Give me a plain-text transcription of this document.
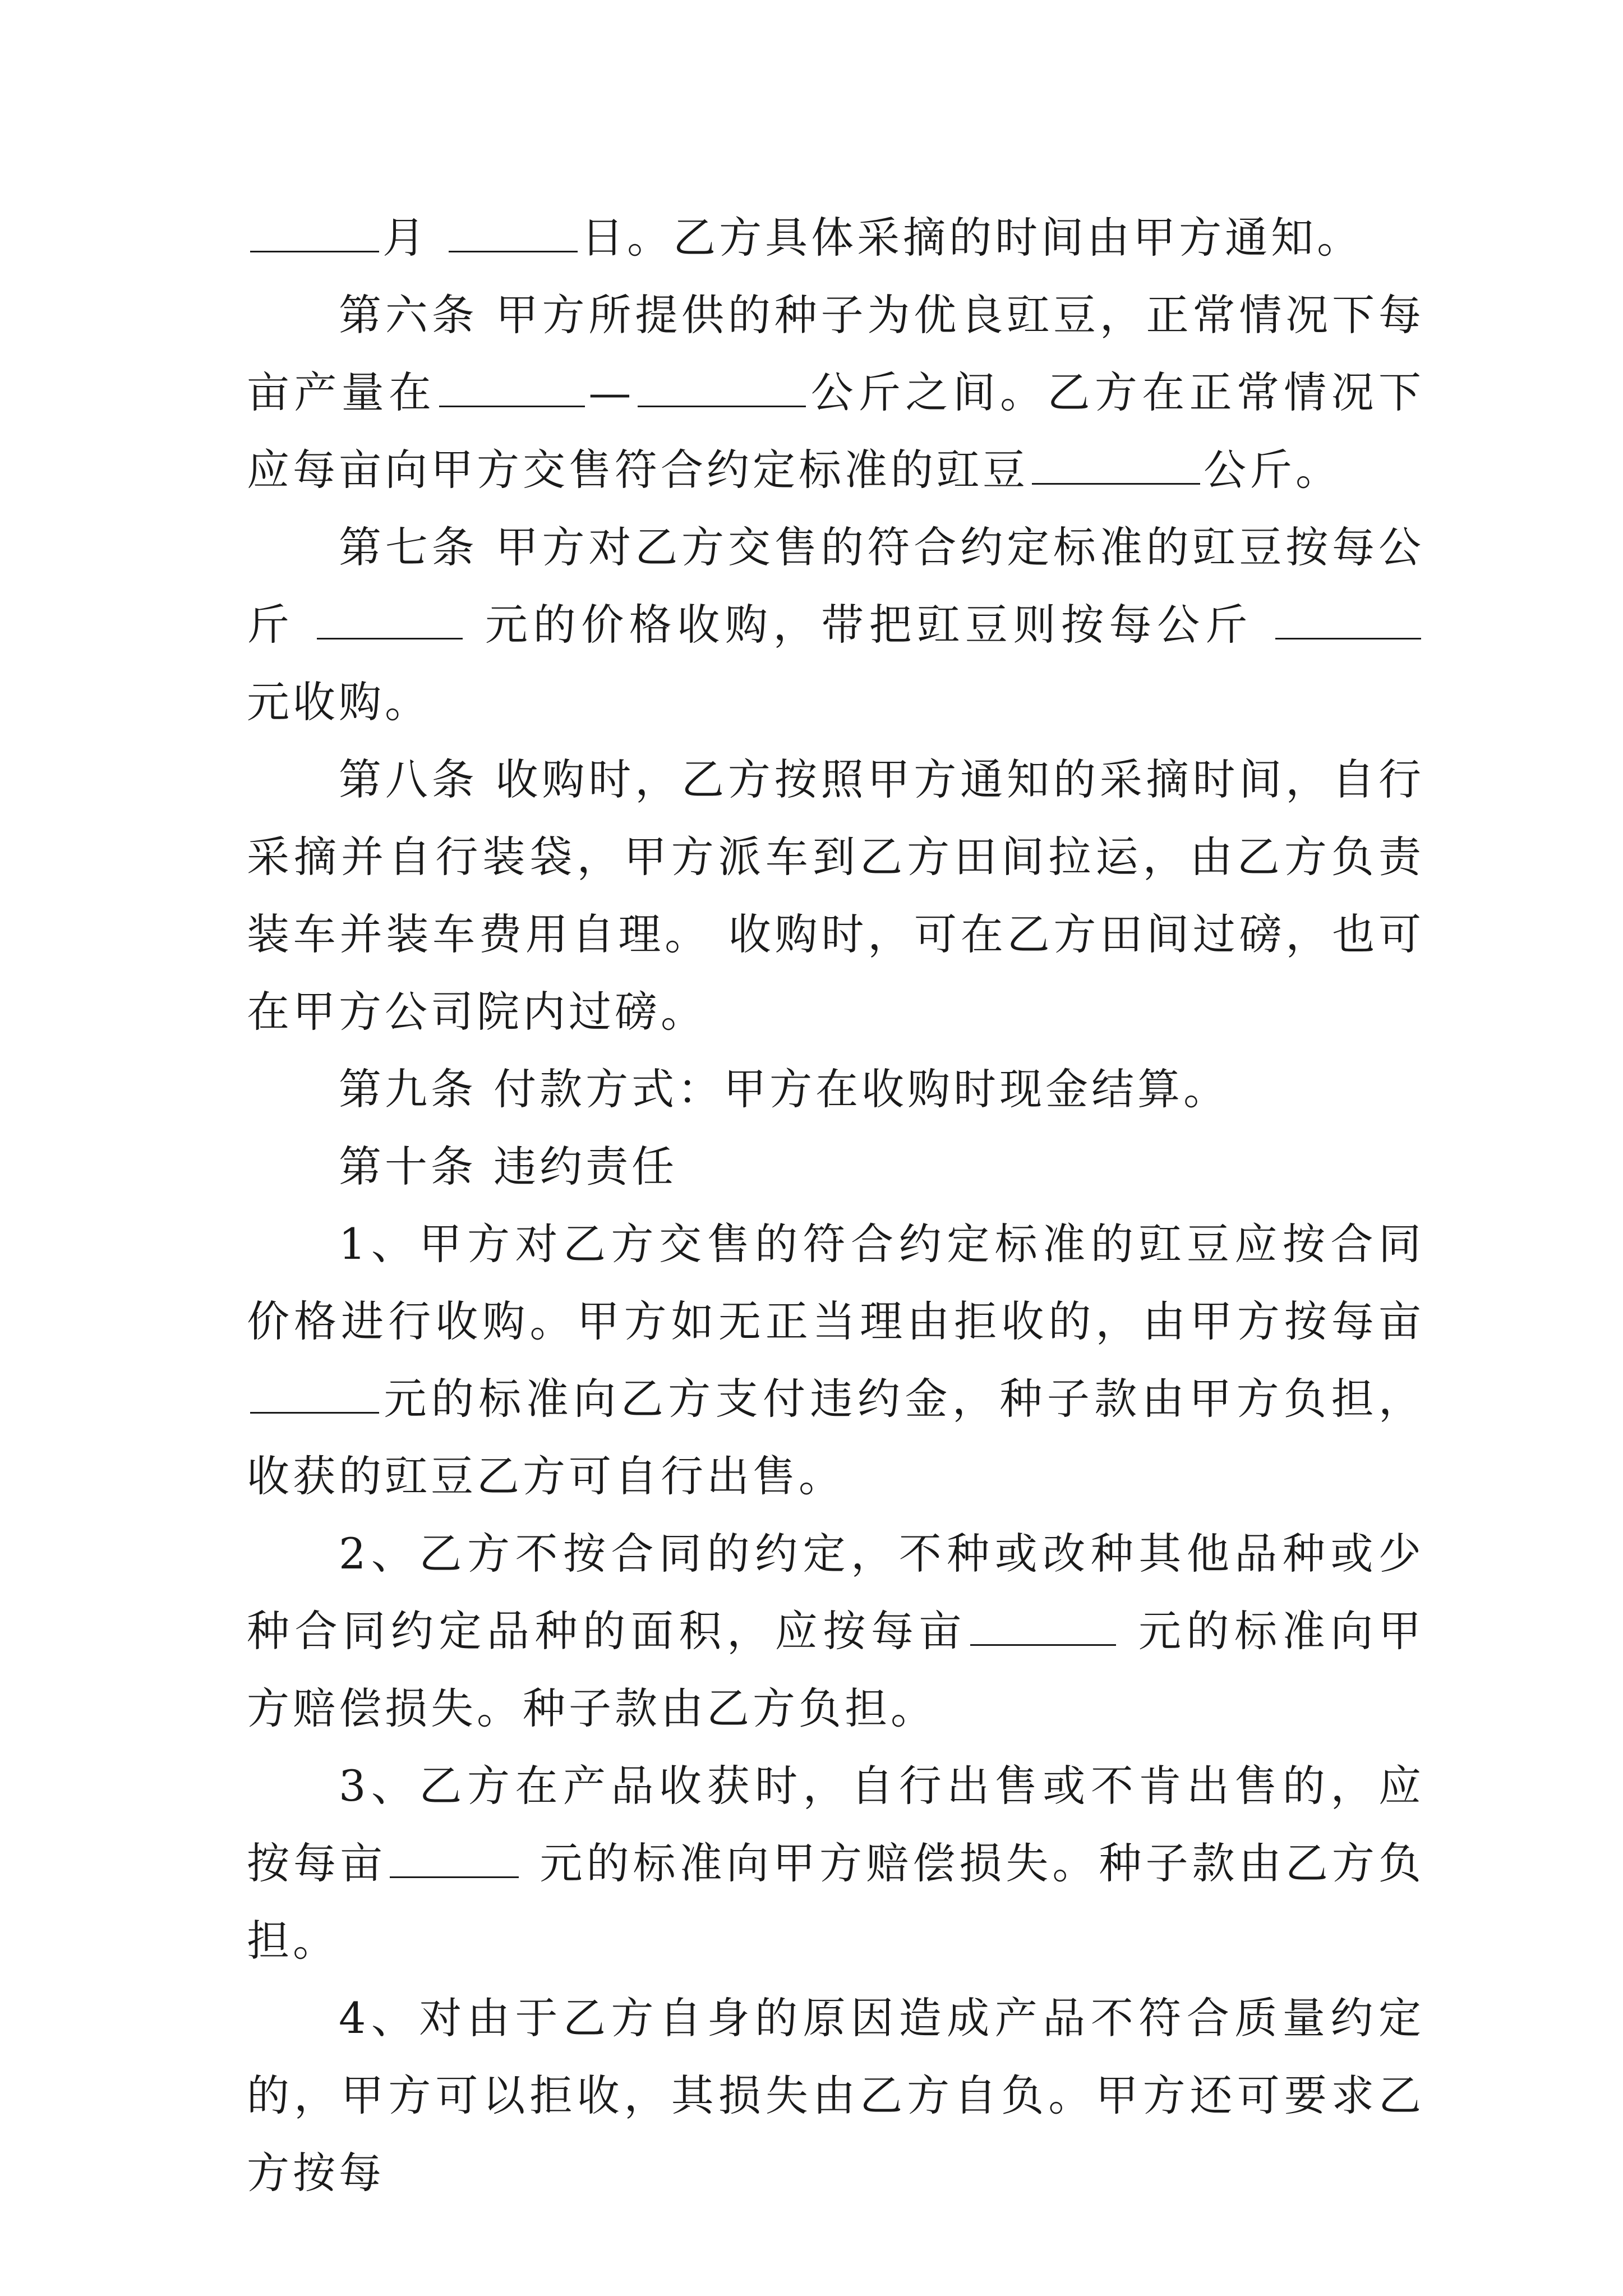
月	日。乙方具体采摘的时间由甲方通知。

第六条 甲方所提供的种子为优良豇豆，正常情况下每亩产量在	—	公斤之间。乙方在正常情况下应每亩向甲方交售符合约定标准的豇豆	公斤。

第七条 甲方对乙方交售的符合约定标准的豇豆按每公斤	元的价格收购，带把豇豆则按每公斤  元收购。

第八条 收购时，乙方按照甲方通知的采摘时间，自行采摘并自行装袋，甲方派车到乙方田间拉运，由乙方负责装车并装车费用自理。 收购时，可在乙方田间过磅，也可在甲方公司院内过磅。

第九条 付款方式：甲方在收购时现金结算。

第十条 违约责任

1、甲方对乙方交售的符合约定标准的豇豆应按合同价格进行收购。甲方如无正当理由拒收的，由甲方按每亩元的标准向乙方支付违约金，种子款由甲方负担，收获的豇豆乙方可自行出售。

2、乙方不按合同的约定，不种或改种其他品种或少种合同约定品种的面积，应按每亩	元的标准向甲方赔偿损失。种子款由乙方负担。

3、乙方在产品收获时，自行出售或不肯出售的，应按每亩	元的标准向甲方赔偿损失。种子款由乙方负担。

4、对由于乙方自身的原因造成产品不符合质量约定的，甲方可以拒收，其损失由乙方自负。甲方还可要求乙方按每
